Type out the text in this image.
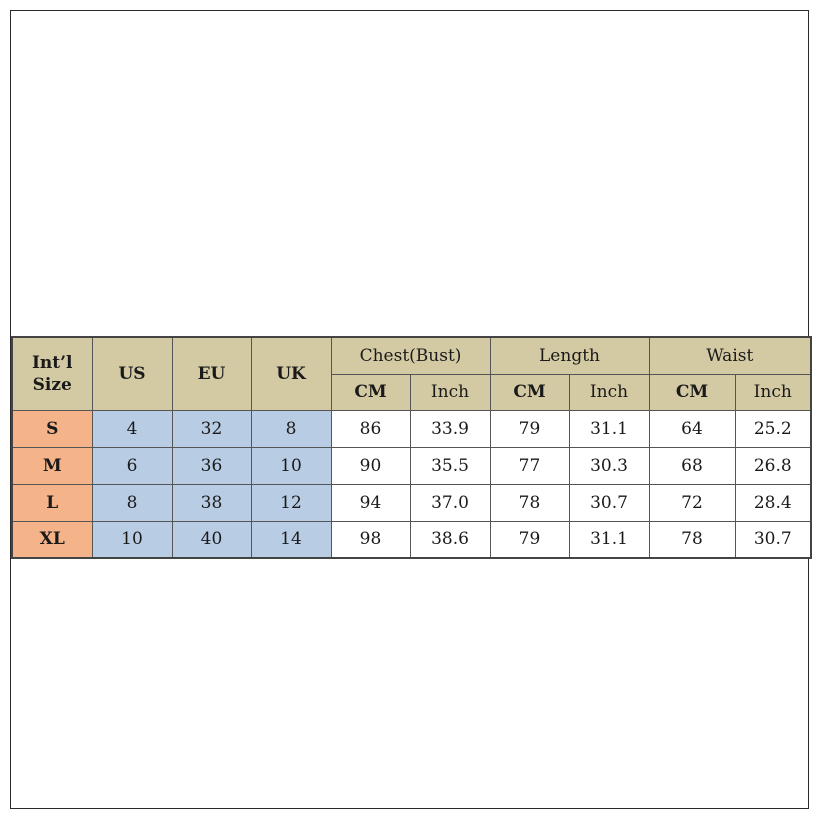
Int’l
Size	US	EU	UK	Chest(Bust)		Length		Waist	
				CM	Inch	CM	Inch	CM	Inch
S	4	32	8	86	33.9	79	31.1	64	25.2
M	6	36	10	90	35.5	77	30.3	68	26.8
L	8	38	12	94	37.0	78	30.7	72	28.4
XL	10	40	14	98	38.6	79	31.1	78	30.7
